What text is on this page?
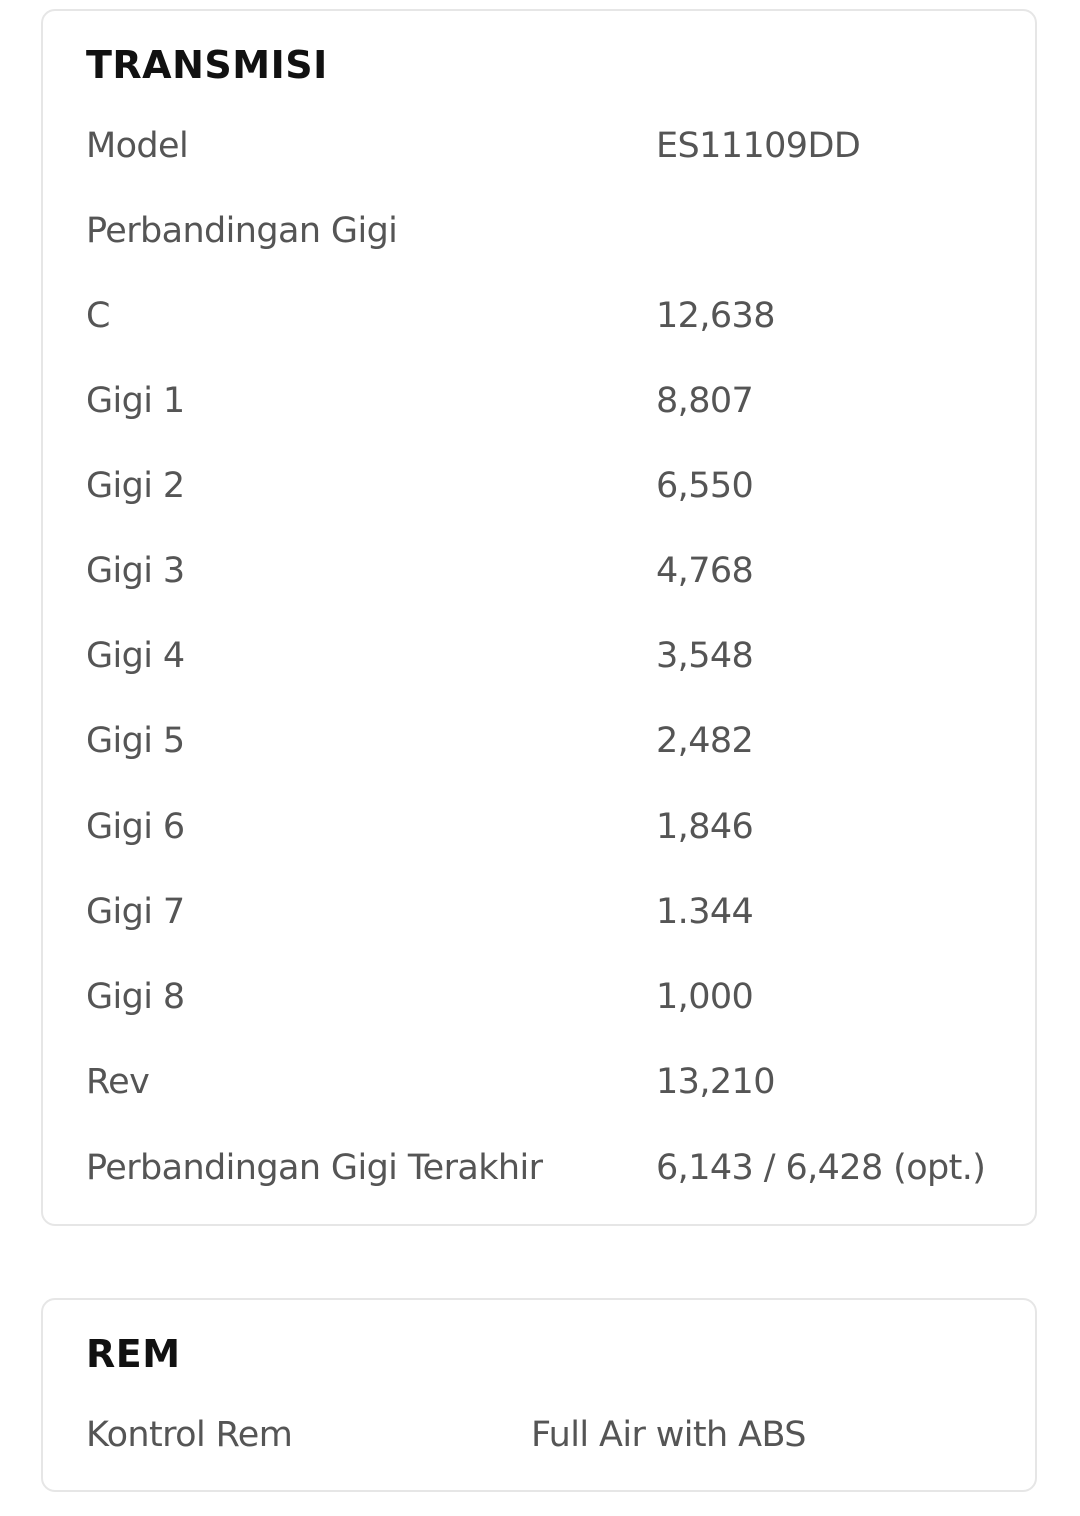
TRANSMISI
Model	ES11109DD
Perbandingan Gigi
C	12,638
Gigi 1	8,807
Gigi 2	6,550
Gigi 3	4,768
Gigi 4	3,548
Gigi 5	2,482
Gigi 6	1,846
Gigi 7	1.344
Gigi 8	1,000
Rev	13,210
Perbandingan Gigi Terakhir	6,143 / 6,428 (opt.)
REM
Kontrol Rem	Full Air with ABS
